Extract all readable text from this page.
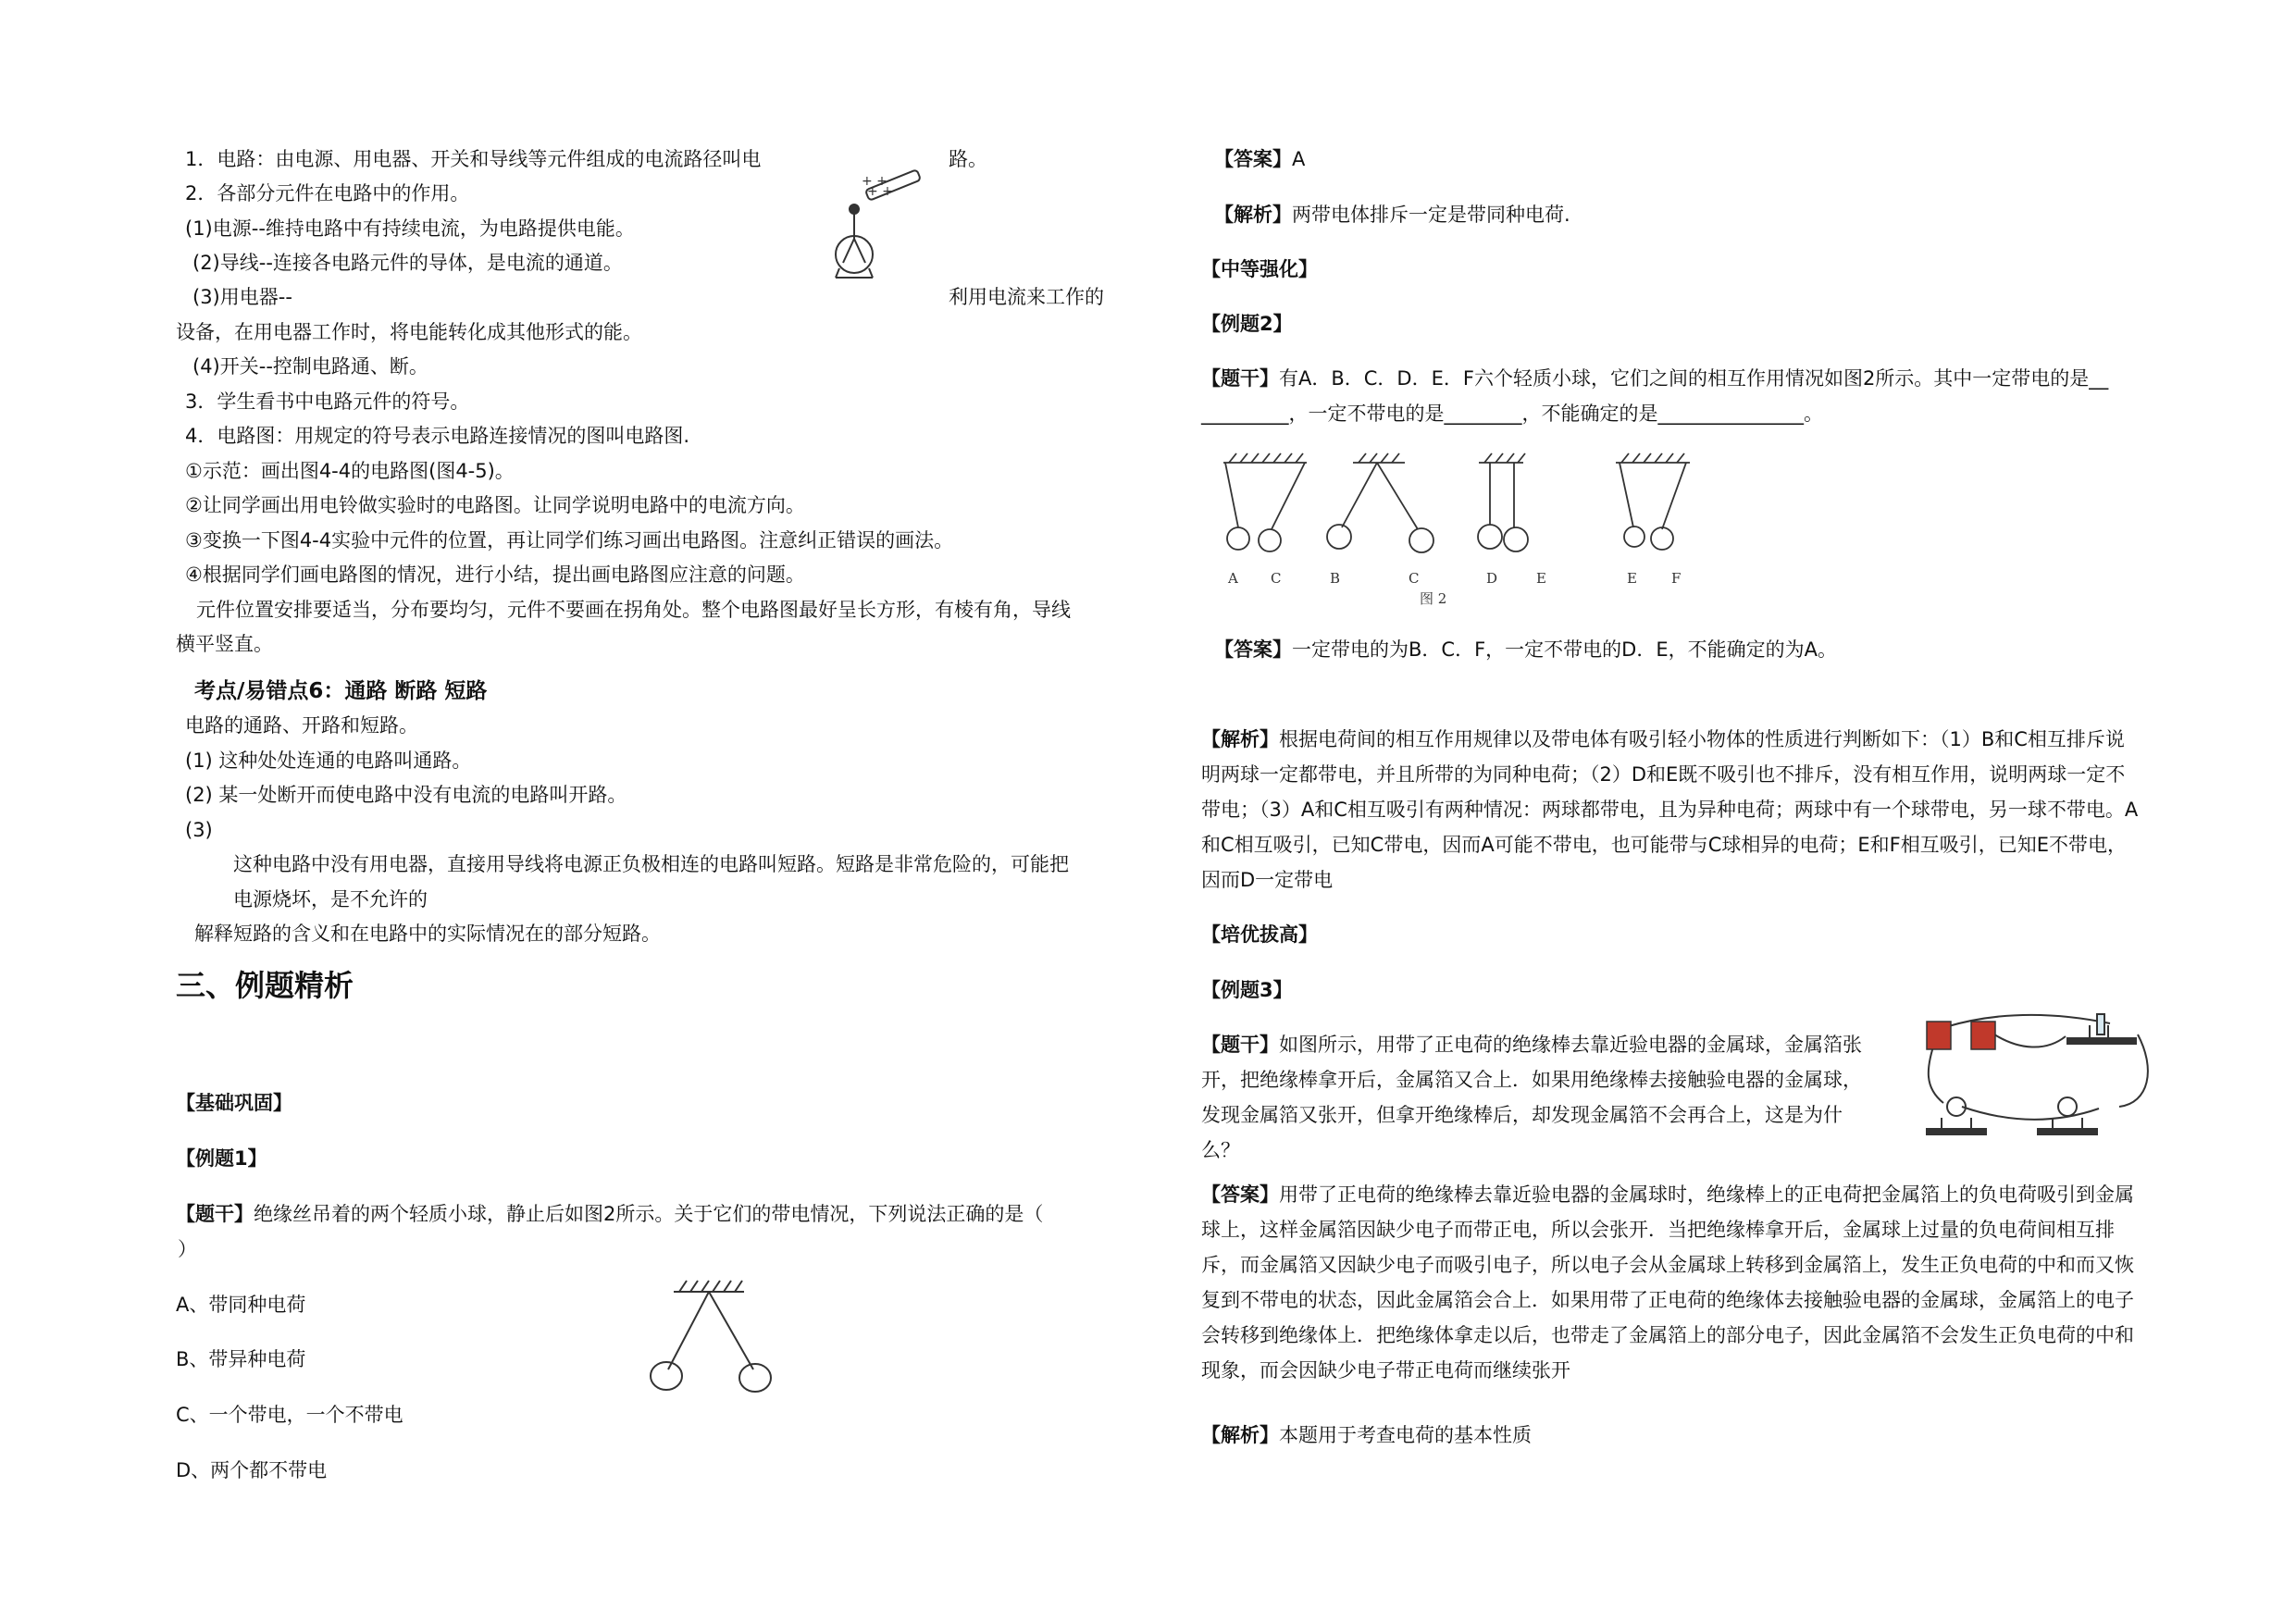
1．电路：由电源、用电器、开关和导线等元件组成的电流路径叫电	路。
2．各部分元件在电路中的作用。
(1)电源--维持电路中有持续电流，为电路提供电能。
(2)导线--连接各电路元件的导体，是电流的通道。
(3)用电器--	利用电流来工作的
设备，在用电器工作时，将电能转化成其他形式的能。
(4)开关--控制电路通、断。
3．学生看书中电路元件的符号。
4．电路图：用规定的符号表示电路连接情况的图叫电路图.
①示范：画出图4-4的电路图(图4-5)。
②让同学画出用电铃做实验时的电路图。让同学说明电路中的电流方向。
③变换一下图4-4实验中元件的位置，再让同学们练习画出电路图。注意纠正错误的画法。
④根据同学们画电路图的情况，进行小结，提出画电路图应注意的问题。
元件位置安排要适当，分布要均匀，元件不要画在拐角处。整个电路图最好呈长方形，有棱有角，导线
横平竖直。
+ +
+ +
考点/易错点6：通路 断路 短路
电路的通路、开路和短路。
(1) 这种处处连通的电路叫通路。
(2) 某一处断开而使电路中没有电流的电路叫开路。
(3)
这种电路中没有用电器，直接用导线将电源正负极相连的电路叫短路。短路是非常危险的，可能把
电源烧坏，是不允许的
解释短路的含义和在电路中的实际情况在的部分短路。
三、例题精析
【基础巩固】
【例题1】
【题干】绝缘丝吊着的两个轻质小球，静止后如图2所示。关于它们的带电情况，下列说法正确的是（
）
A、带同种电荷
B、带异种电荷
C、一个带电，一个不带电
D、两个都不带电
【答案】A
【解析】两带电体排斥一定是带同种电荷.
【中等强化】
【例题2】
【题干】有A．B．C．D．E．F六个轻质小球，它们之间的相互作用情况如图2所示。其中一定带电的是__
_________，一定不带电的是________，不能确定的是_______________。
A C	B	C	D	E	E F
图 2
【答案】一定带电的为B．C．F，一定不带电的D．E，不能确定的为A。
【解析】根据电荷间的相互作用规律以及带电体有吸引轻小物体的性质进行判断如下：（1）B和C相互排斥说明两球一定都带电，并且所带的为同种电荷；（2）D和E既不吸引也不排斥，没有相互作用，说明两球一定不带电；（3）A和C相互吸引有两种情况：两球都带电，且为异种电荷；两球中有一个球带电，另一球不带电。A和C相互吸引，已知C带电，因而A可能不带电，也可能带与C球相异的电荷；E和F相互吸引，已知E不带电，因而D一定带电
【培优拔高】
【例题3】
【题干】如图所示，用带了正电荷的绝缘棒去靠近验电器的金属球，金属箔张开，把绝缘棒拿开后，金属箔又合上．如果用绝缘棒去接触验电器的金属球，发现金属箔又张开，但拿开绝缘棒后，却发现金属箔不会再合上，这是为什么？
【答案】用带了正电荷的绝缘棒去靠近验电器的金属球时，绝缘棒上的正电荷把金属箔上的负电荷吸引到金属球上，这样金属箔因缺少电子而带正电，所以会张开．当把绝缘棒拿开后，金属球上过量的负电荷间相互排斥，而金属箔又因缺少电子而吸引电子，所以电子会从金属球上转移到金属箔上，发生正负电荷的中和而又恢复到不带电的状态，因此金属箔会合上．如果用带了正电荷的绝缘体去接触验电器的金属球，金属箔上的电子会转移到绝缘体上．把绝缘体拿走以后，也带走了金属箔上的部分电子，因此金属箔不会发生正负电荷的中和现象，而会因缺少电子带正电荷而继续张开
【解析】本题用于考查电荷的基本性质
